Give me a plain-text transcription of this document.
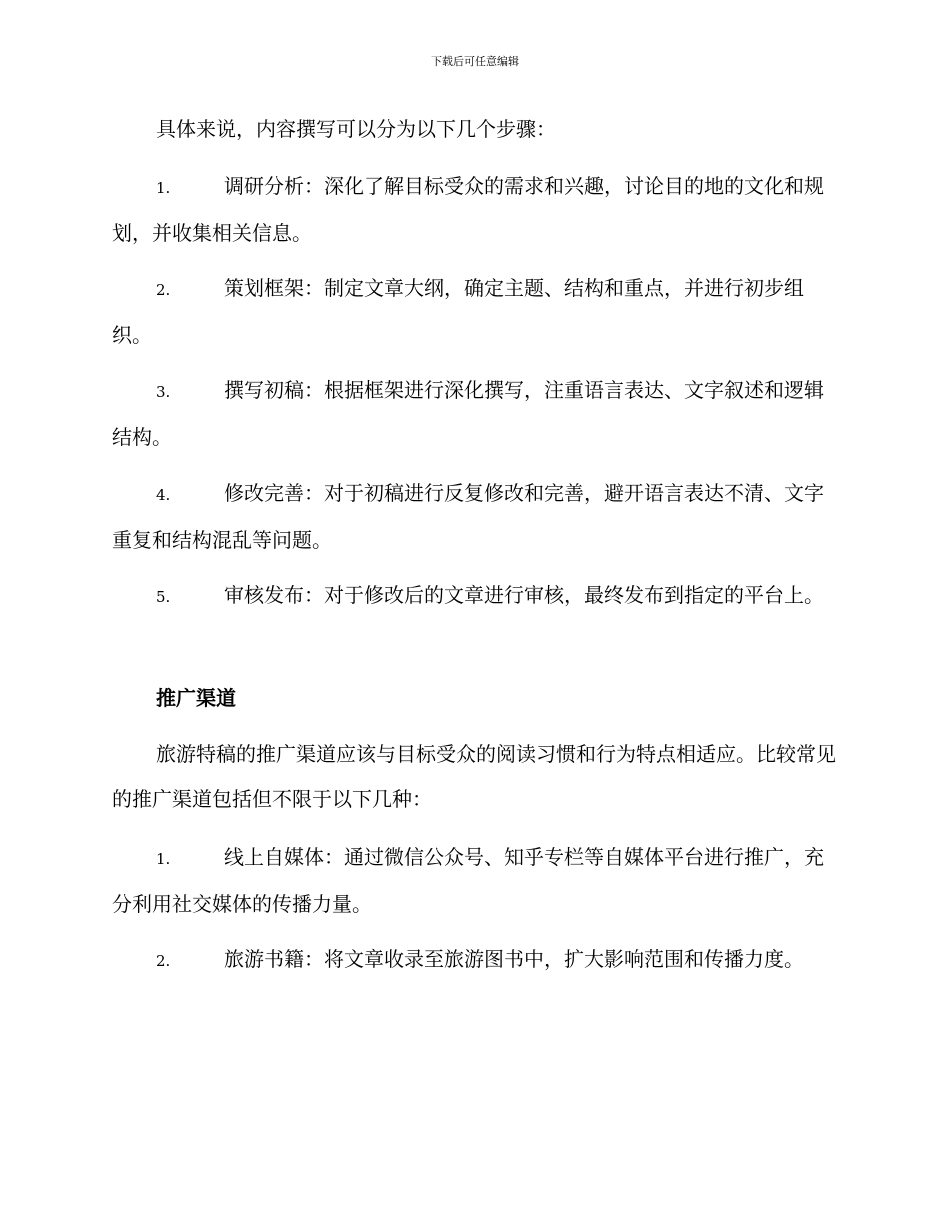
下载后可任意编辑

具体来说，内容撰写可以分为以下几个步骤：

1.	调研分析：深化了解目标受众的需求和兴趣，讨论目的地的文化和规划，并收集相关信息。

2.	策划框架：制定文章大纲，确定主题、结构和重点，并进行初步组织。

3.	撰写初稿：根据框架进行深化撰写，注重语言表达、文字叙述和逻辑结构。

4.	修改完善：对于初稿进行反复修改和完善，避开语言表达不清、文字重复和结构混乱等问题。

5.	审核发布：对于修改后的文章进行审核，最终发布到指定的平台上。

推广渠道

旅游特稿的推广渠道应该与目标受众的阅读习惯和行为特点相适应。比较常见的推广渠道包括但不限于以下几种：

1.	线上自媒体：通过微信公众号、知乎专栏等自媒体平台进行推广，充分利用社交媒体的传播力量。

2.	旅游书籍：将文章收录至旅游图书中，扩大影响范围和传播力度。
